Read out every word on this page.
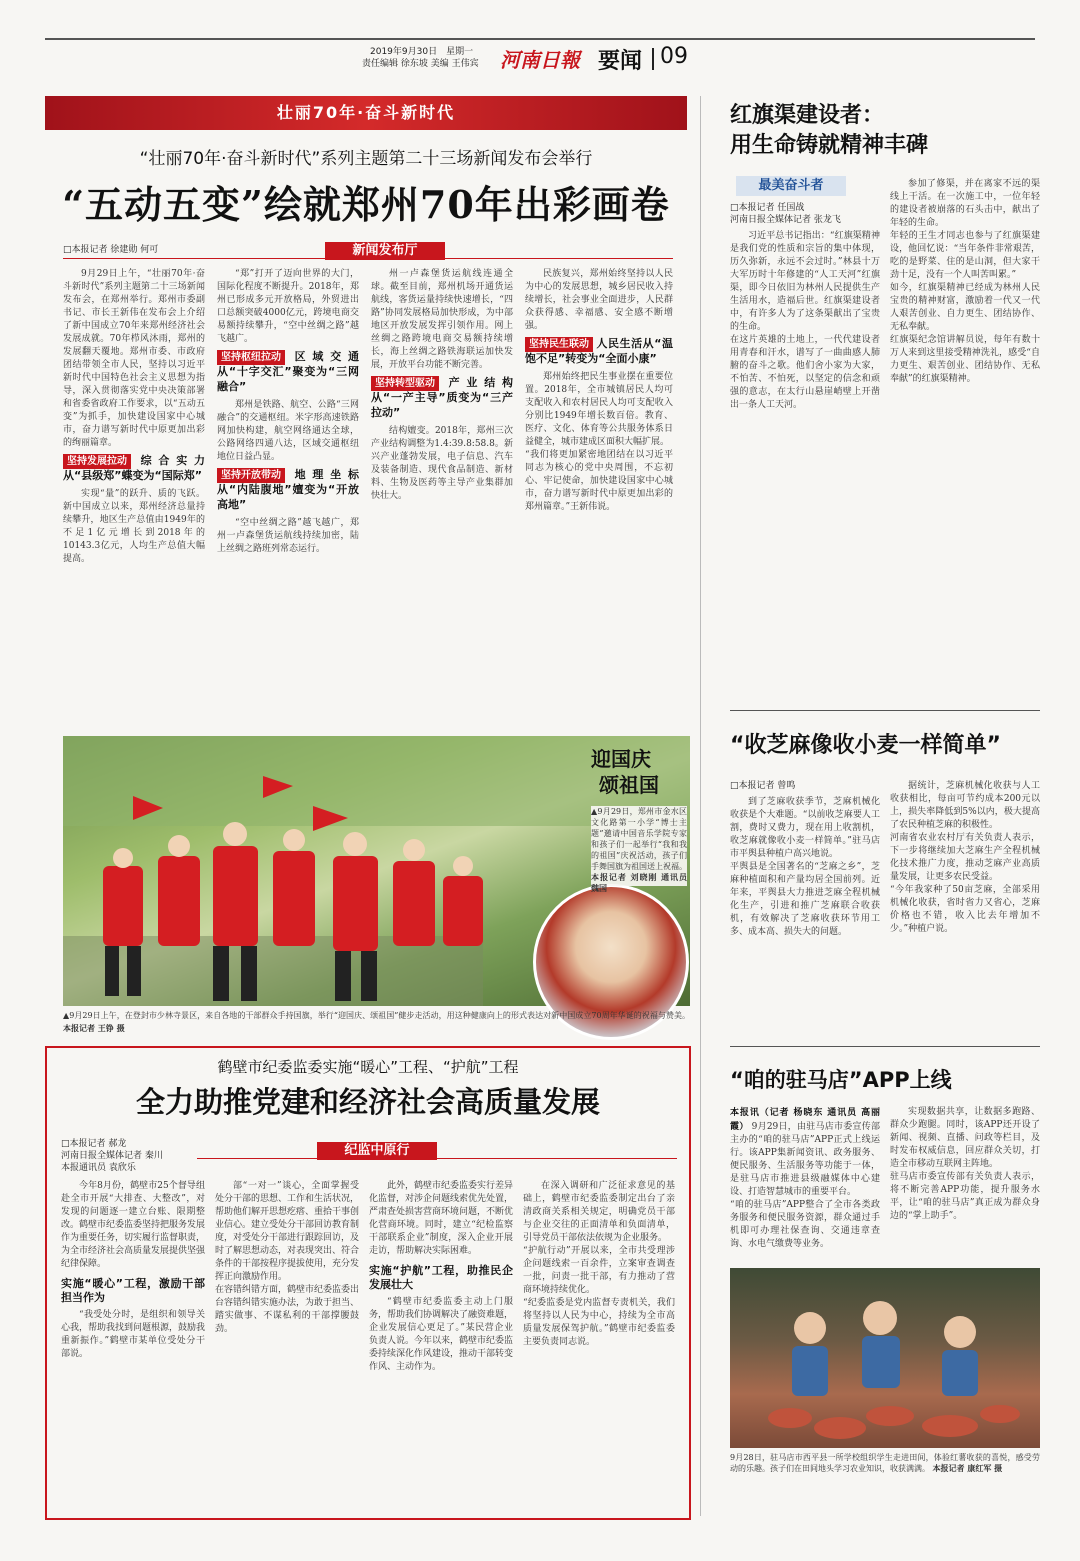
2019年9月30日　星期一
责任编辑 徐东坡 美编 王伟宾 河南日報 要闻 09
壮丽70年·奋斗新时代
“壮丽70年·奋斗新时代”系列主题第二十三场新闻发布会举行
“五动五变”绘就郑州70年出彩画卷
□本报记者 徐建勋 何可	新闻发布厅

9月29日上午，“壮丽70年·奋斗新时代”系列主题第二十三场新闻发布会，在郑州举行。郑州市委副书记、市长王新伟在发布会上介绍了新中国成立70年来郑州经济社会发展成就。70年栉风沐雨，郑州的发展翻天覆地。郑州市委、市政府团结带领全市人民，坚持以习近平新时代中国特色社会主义思想为指导，深入贯彻落实党中央决策部署和省委省政府工作要求，以“五动五变”为抓手，加快建设国家中心城市，奋力谱写新时代中原更加出彩的绚丽篇章。

坚持发展拉动 综合实力从“县级郑”蝶变为“国际郑”

实现“量”的跃升、质的飞跃。新中国成立以来，郑州经济总量持续攀升，地区生产总值由1949年的不足1亿元增长到2018年的10143.3亿元，人均生产总值大幅提高。

“郑”打开了迈向世界的大门，国际化程度不断提升。2018年，郑州已形成多元开放格局，外贸进出口总额突破4000亿元，跨境电商交易额持续攀升，“空中丝绸之路”越飞越广。

坚持枢纽拉动 区域交通从“十字交汇”聚变为“三网融合”

郑州是铁路、航空、公路“三网融合”的交通枢纽。米字形高速铁路网加快构建，航空网络通达全球，公路网络四通八达，区域交通枢纽地位日益凸显。

坚持开放带动 地理坐标从“内陆腹地”嬗变为“开放高地”

“空中丝绸之路”越飞越广，郑州一卢森堡货运航线持续加密，陆上丝绸之路班列常态运行。

州一卢森堡货运航线连通全球。截至目前，郑州机场开通货运航线，客货运量持续快速增长，“四路”协同发展格局加快形成，为中部地区开放发展发挥引领作用。网上丝绸之路跨境电商交易额持续增长，海上丝绸之路铁海联运加快发展，开放平台功能不断完善。

坚持转型驱动 产业结构从“一产主导”质变为“三产拉动”

结构嬗变。2018年，郑州三次产业结构调整为1.4:39.8:58.8。新兴产业蓬勃发展，电子信息、汽车及装备制造、现代食品制造、新材料、生物及医药等主导产业集群加快壮大。

民族复兴，郑州始终坚持以人民为中心的发展思想，城乡居民收入持续增长，社会事业全面进步，人民群众获得感、幸福感、安全感不断增强。

坚持民生联动 人民生活从“温饱不足”转变为“全面小康”

郑州始终把民生事业摆在重要位置。2018年，全市城镇居民人均可支配收入和农村居民人均可支配收入分别比1949年增长数百倍。教育、医疗、文化、体育等公共服务体系日益健全，城市建成区面积大幅扩展。
“我们将更加紧密地团结在以习近平同志为核心的党中央周围，不忘初心、牢记使命，加快建设国家中心城市，奋力谱写新时代中原更加出彩的郑州篇章。”王新伟说。

迎国庆
颂祖国
▲9月29日，郑州市金水区文化路第一小学“博士主题”邀请中国音乐学院专家和孩子们一起举行“我和我的祖国”庆祝活动，孩子们手舞国旗为祖国送上祝福。 本报记者 刘晓刚 通讯员 魏国
▲9月29日上午，在登封市少林寺景区，来自各地的干部群众手持国旗，举行“迎国庆、颂祖国”健步走活动，用这种健康向上的形式表达对新中国成立70周年华诞的祝福与赞美。 本报记者 王铮 摄
鹤壁市纪委监委实施“暖心”工程、“护航”工程
全力助推党建和经济社会高质量发展
□本报记者 郝龙
河南日报全媒体记者 秦川
本报通讯员 袁欣乐
纪监中原行

今年8月份，鹤壁市25个督导组赴全市开展“大排查、大整改”，对发现的问题逐一建立台账、限期整改。鹤壁市纪委监委坚持把服务发展作为重要任务，切实履行监督职责，为全市经济社会高质量发展提供坚强纪律保障。

实施“暖心”工程，激励干部担当作为

“我受处分时，是组织和领导关心我，帮助我找到问题根源，鼓励我重新振作。”鹤壁市某单位受处分干部说。

部“一对一”谈心，全面掌握受处分干部的思想、工作和生活状况，帮助他们解开思想疙瘩、重拾干事创业信心。建立受处分干部回访教育制度，对受处分干部进行跟踪回访，及时了解思想动态，对表现突出、符合条件的干部按程序提拔使用，充分发挥正向激励作用。
在容错纠错方面，鹤壁市纪委监委出台容错纠错实施办法，为敢于担当、踏实做事、不谋私利的干部撑腰鼓劲。

此外，鹤壁市纪委监委实行差异化监督，对涉企问题线索优先处置，严肃查处损害营商环境问题，不断优化营商环境。同时，建立“纪检监察干部联系企业”制度，深入企业开展走访，帮助解决实际困难。

实施“护航”工程，助推民企发展壮大

“鹤壁市纪委监委主动上门服务，帮助我们协调解决了融资难题，企业发展信心更足了。”某民营企业负责人说。今年以来，鹤壁市纪委监委持续深化作风建设，推动干部转变作风、主动作为。

在深入调研和广泛征求意见的基础上，鹤壁市纪委监委制定出台了亲清政商关系相关规定，明确党员干部与企业交往的正面清单和负面清单，引导党员干部依法依规为企业服务。
“护航行动”开展以来，全市共受理涉企问题线索一百余件，立案审查调查一批，问责一批干部，有力推动了营商环境持续优化。
“纪委监委是党内监督专责机关，我们将坚持以人民为中心，持续为全市高质量发展保驾护航。”鹤壁市纪委监委主要负责同志说。

红旗渠建设者：
用生命铸就精神丰碑
最美奋斗者
□本报记者 任国战
河南日报全媒体记者 张龙飞

习近平总书记指出：“红旗渠精神是我们党的性质和宗旨的集中体现，历久弥新，永远不会过时。”林县十万大军历时十年修建的“人工天河”红旗渠，即今日依旧为林州人民提供生产生活用水，造福后世。红旗渠建设者中，有许多人为了这条渠献出了宝贵的生命。
在这片英雄的土地上，一代代建设者用青春和汗水，谱写了一曲曲感人肺腑的奋斗之歌。他们舍小家为大家，不怕苦、不怕死，以坚定的信念和顽强的意志，在太行山悬崖峭壁上开凿出一条人工天河。

参加了修渠，并在离家不远的渠线上干活。在一次施工中，一位年轻的建设者被崩落的石头击中，献出了年轻的生命。
年轻的王生才同志也参与了红旗渠建设，他回忆说：“当年条件非常艰苦，吃的是野菜、住的是山洞，但大家干劲十足，没有一个人叫苦叫累。”
如今，红旗渠精神已经成为林州人民宝贵的精神财富，激励着一代又一代人艰苦创业、自力更生、团结协作、无私奉献。
红旗渠纪念馆讲解员说，每年有数十万人来到这里接受精神洗礼，感受“自力更生、艰苦创业、团结协作、无私奉献”的红旗渠精神。

“收芝麻像收小麦一样简单”
□本报记者 曾鸣

到了芝麻收获季节，芝麻机械化收获是个大难题。“以前收芝麻要人工割，费时又费力，现在用上收割机，收芝麻就像收小麦一样简单。”驻马店市平舆县种植户高兴地说。
平舆县是全国著名的“芝麻之乡”，芝麻种植面积和产量均居全国前列。近年来，平舆县大力推进芝麻全程机械化生产，引进和推广芝麻联合收获机，有效解决了芝麻收获环节用工多、成本高、损失大的问题。

据统计，芝麻机械化收获与人工收获相比，每亩可节约成本200元以上，损失率降低到5%以内，极大提高了农民种植芝麻的积极性。
河南省农业农村厅有关负责人表示，下一步将继续加大芝麻生产全程机械化技术推广力度，推动芝麻产业高质量发展，让更多农民受益。
“今年我家种了50亩芝麻，全部采用机械化收获，省时省力又省心，芝麻价格也不错，收入比去年增加不少。”种植户说。

“咱的驻马店”APP上线
本报讯（记者 杨晓东 通讯员 高丽霞） 9月29日，由驻马店市委宣传部主办的“咱的驻马店”APP正式上线运行。该APP集新闻资讯、政务服务、便民服务、生活服务等功能于一体，是驻马店市推进县级融媒体中心建设、打造智慧城市的重要平台。
“咱的驻马店”APP整合了全市各类政务服务和便民服务资源，群众通过手机即可办理社保查询、交通违章查询、水电气缴费等业务。

实现数据共享，让数据多跑路、群众少跑腿。同时，该APP还开设了新闻、视频、直播、问政等栏目，及时发布权威信息，回应群众关切，打造全市移动互联网主阵地。
驻马店市委宣传部有关负责人表示，将不断完善APP功能，提升服务水平，让“咱的驻马店”真正成为群众身边的“掌上助手”。

9月28日，驻马店市西平县一所学校组织学生走进田间，体验红薯收获的喜悦，感受劳动的乐趣。孩子们在田间地头学习农业知识，收获满满。 本报记者 康红军 摄
